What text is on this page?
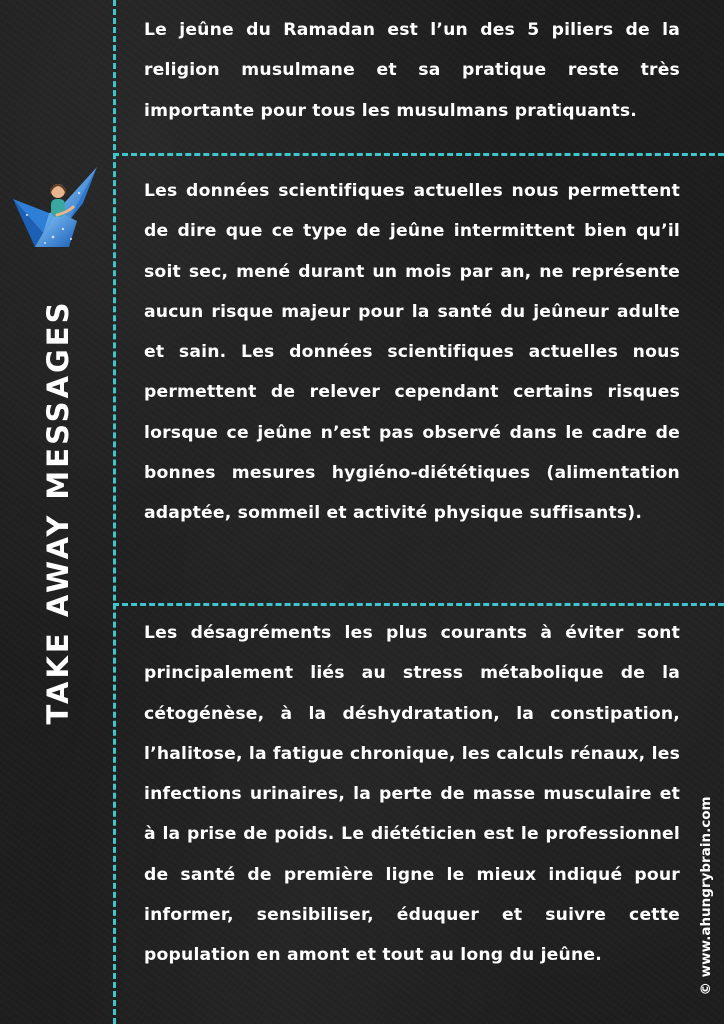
TAKE AWAY MESSAGES
Le jeûne du Ramadan est l’un des 5 piliers de la religion musulmane et sa pratique reste très importante pour tous les musulmans pratiquants.
Les données scientifiques actuelles nous permettent de dire que ce type de jeûne intermittent bien qu’il soit sec, mené durant un mois par an, ne représente aucun risque majeur pour la santé du jeûneur adulte et sain. Les données scientifiques actuelles nous permettent de relever cependant certains risques lorsque ce jeûne n’est pas observé dans le cadre de bonnes mesures hygiéno-diététiques (alimentation adaptée, sommeil et activité physique suffisants).
Les désagréments les plus courants à éviter sont principalement liés au stress métabolique de la cétogénèse, à la déshydratation, la constipation, l’halitose, la fatigue chronique, les calculs rénaux, les infections urinaires, la perte de masse musculaire et à la prise de poids. Le diététicien est le professionnel de santé de première ligne le mieux indiqué pour informer, sensibiliser, éduquer et suivre cette population en amont et tout au long du jeûne.	© www.ahungrybrain.com
